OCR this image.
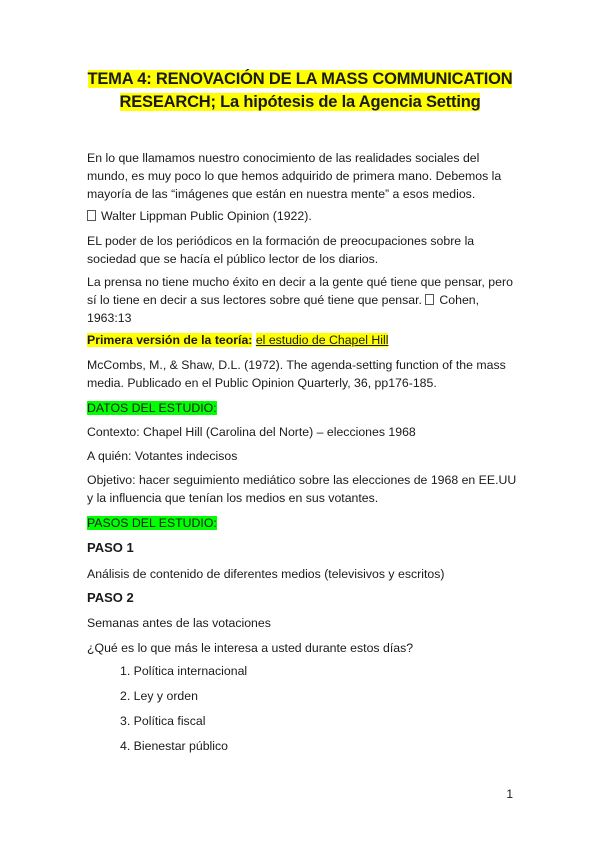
TEMA 4: RENOVACIÓN DE LA MASS COMMUNICATION
RESEARCH; La hipótesis de la Agencia Setting

En lo que llamamos nuestro conocimiento de las realidades sociales del mundo, es muy poco lo que hemos adquirido de primera mano. Debemos la mayoría de las “imágenes que están en nuestra mente” a esos medios.

Walter Lippman Public Opinion (1922).

EL poder de los periódicos en la formación de preocupaciones sobre la sociedad que se hacía el público lector de los diarios.

La prensa no tiene mucho éxito en decir a la gente qué tiene que pensar, pero sí lo tiene en decir a sus lectores sobre qué tiene que pensar. Cohen, 1963:13

Primera versión de la teoría: el estudio de Chapel Hill

McCombs, M., & Shaw, D.L. (1972). The agenda-setting function of the mass media. Publicado en el Public Opinion Quarterly, 36, pp176-185.

DATOS DEL ESTUDIO:

Contexto: Chapel Hill (Carolina del Norte) – elecciones 1968

A quién: Votantes indecisos

Objetivo: hacer seguimiento mediático sobre las elecciones de 1968 en EE.UU y la influencia que tenían los medios en sus votantes.

PASOS DEL ESTUDIO:

PASO 1

Análisis de contenido de diferentes medios (televisivos y escritos)

PASO 2

Semanas antes de las votaciones

¿Qué es lo que más le interesa a usted durante estos días?

1. Política internacional
2. Ley y orden
3. Política fiscal
4. Bienestar público
1
